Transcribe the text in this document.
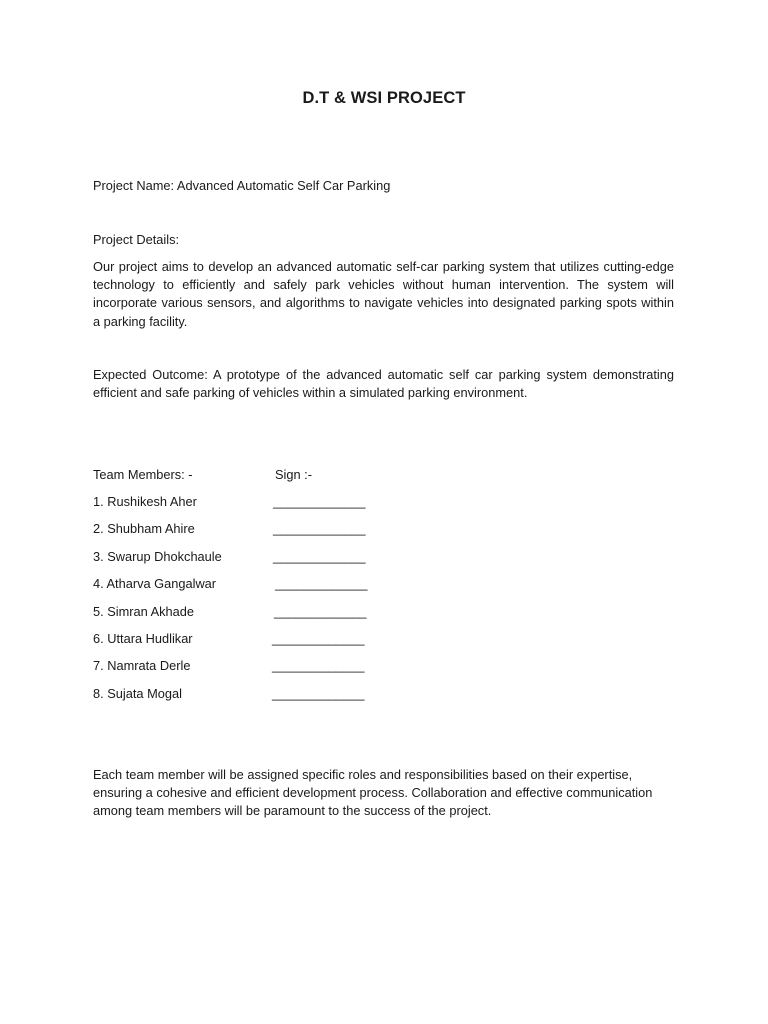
D.T & WSI PROJECT

Project Name: Advanced Automatic Self Car Parking

Project Details:

Our project aims to develop an advanced automatic self-car parking system that utilizes cutting-edge technology to efficiently and safely park vehicles without human intervention. The system will incorporate various sensors, and algorithms to navigate vehicles into designated parking spots within a parking facility.

Expected Outcome: A prototype of the advanced automatic self car parking system demonstrating efficient and safe parking of vehicles within a simulated parking environment.

Team Members: -	Sign :-
1. Rushikesh Aher	_____________
2. Shubham Ahire	_____________
3. Swarup Dhokchaule	_____________
4. Atharva Gangalwar	_____________
5. Simran Akhade	_____________
6. Uttara Hudlikar	_____________
7. Namrata Derle	_____________
8. Sujata Mogal	_____________

Each team member will be assigned specific roles and responsibilities based on their expertise, ensuring a cohesive and efficient development process. Collaboration and effective communication among team members will be paramount to the success of the project.
